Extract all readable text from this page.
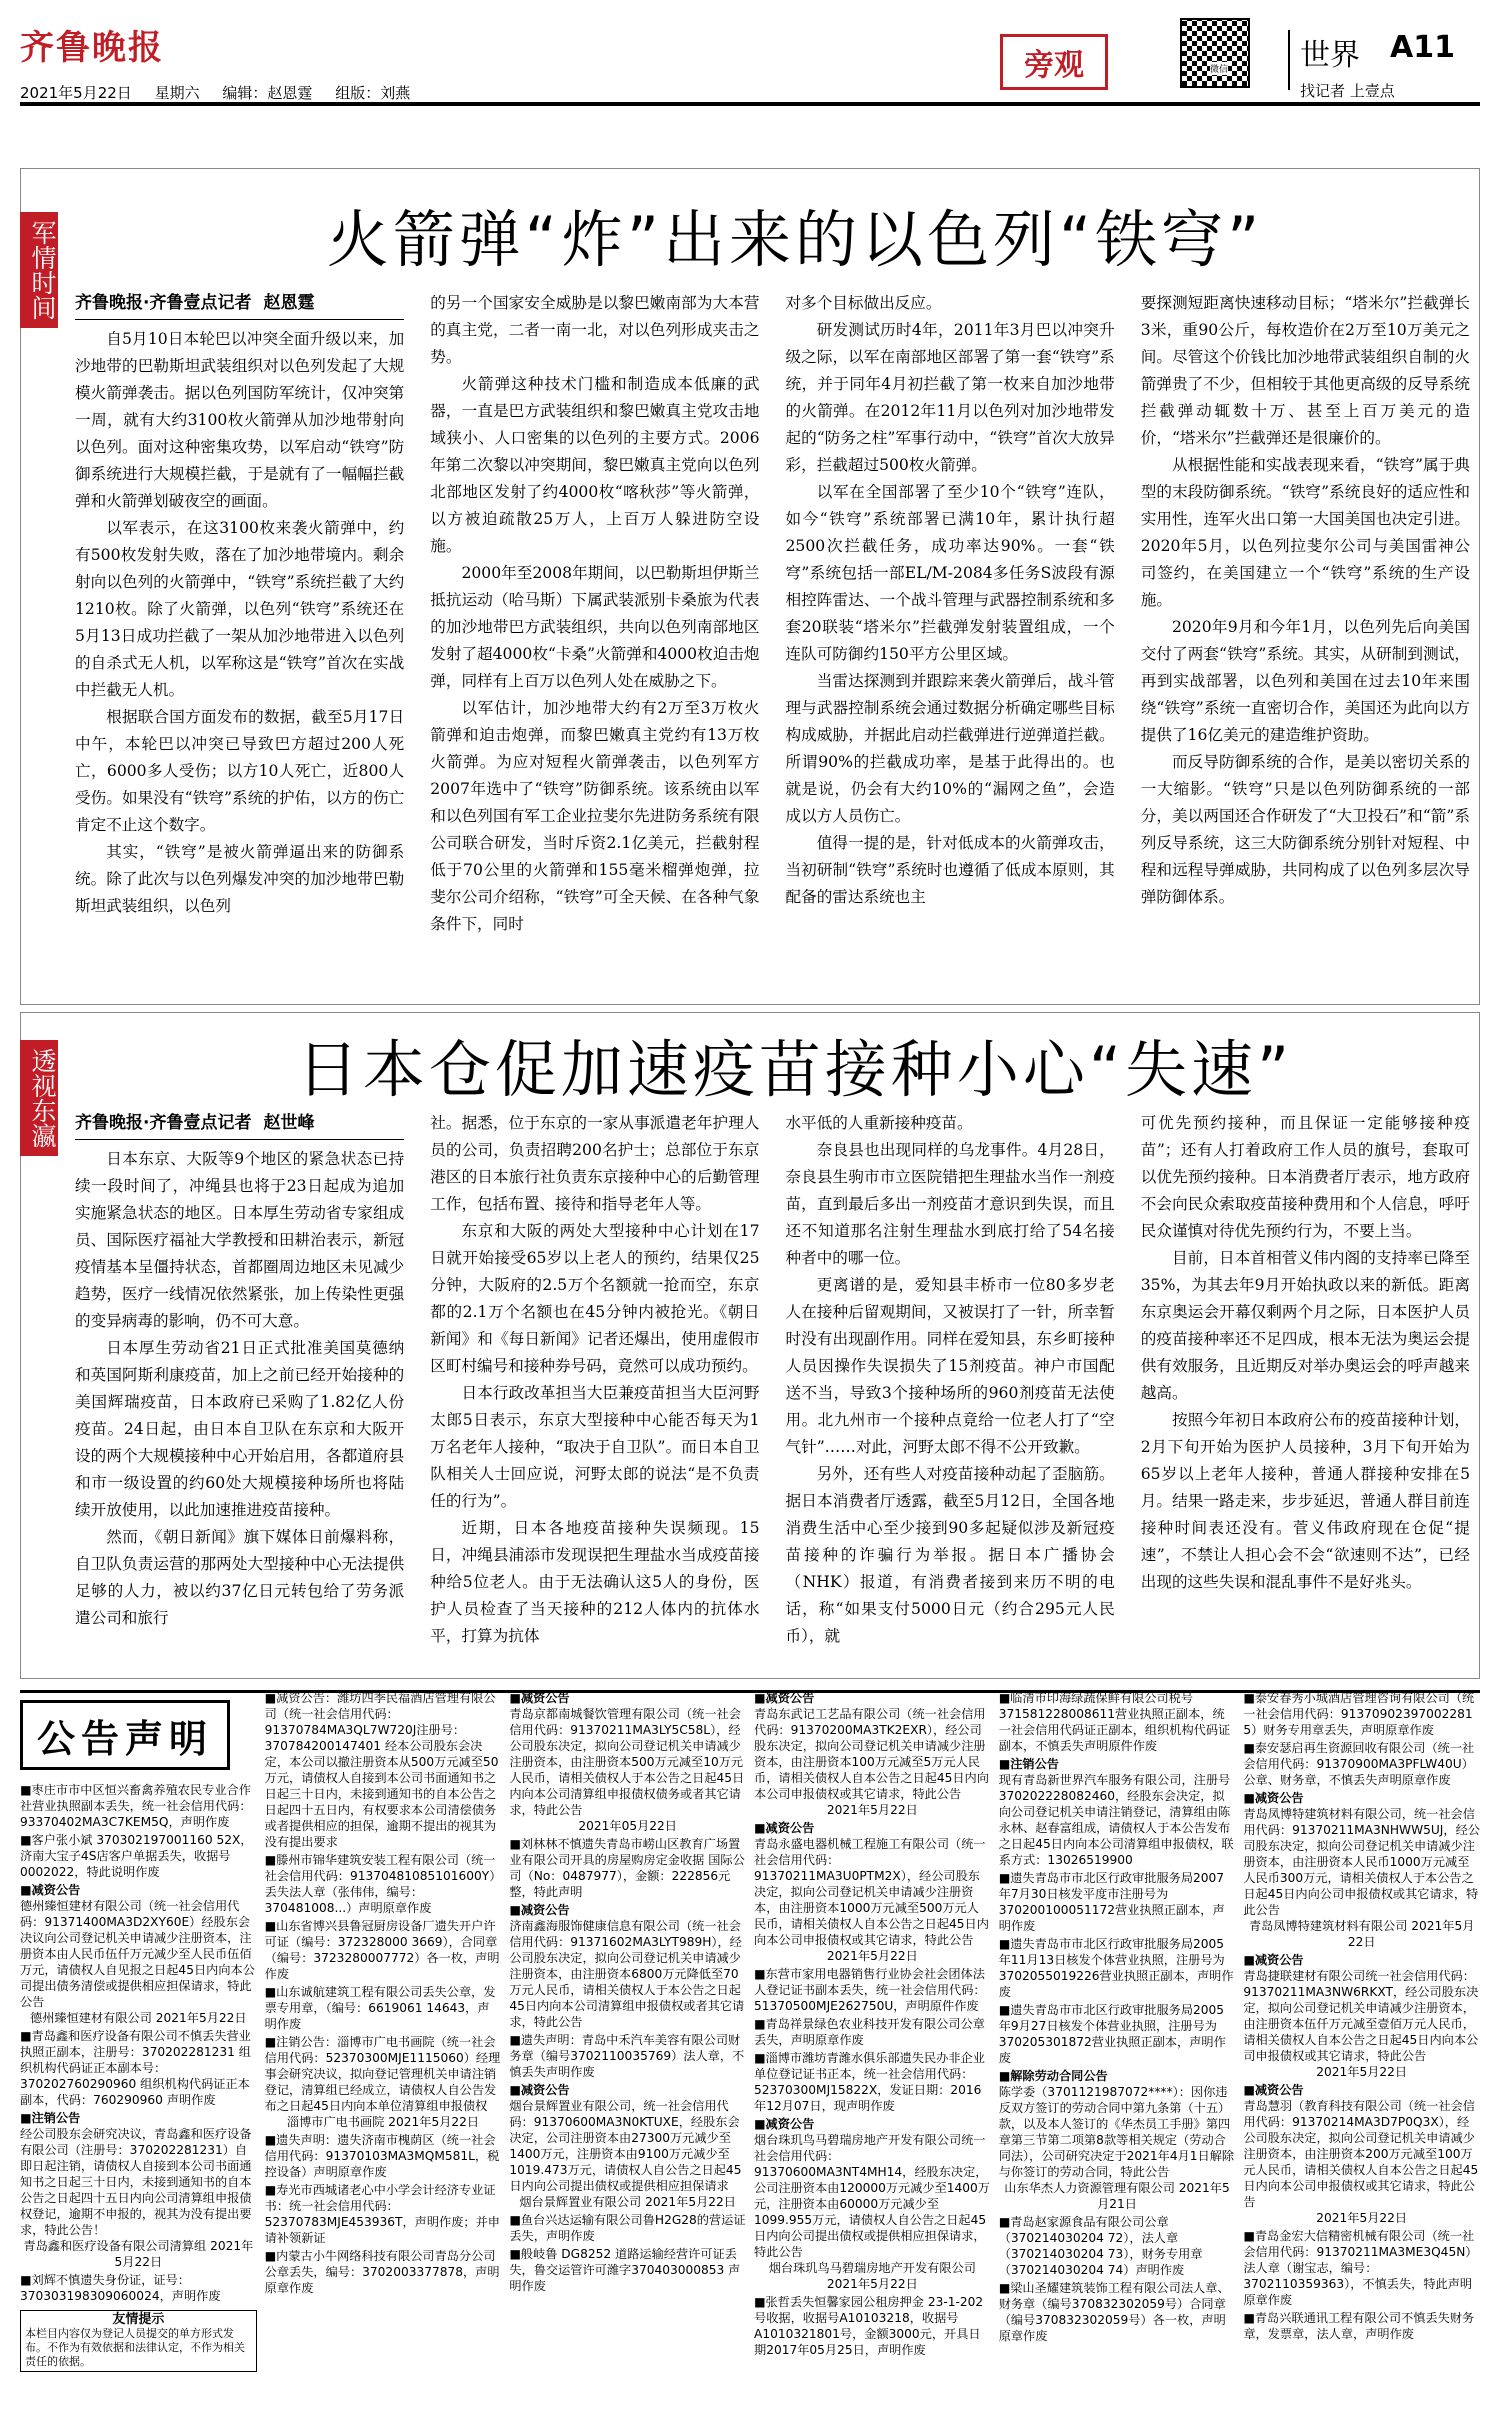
齐鲁晚报
2021年5月22日 星期六 编辑：赵恩霆 组版：刘燕
旁观	微信 世界 A11
找记者 上壹点
军情时间	火箭弹“炸”出来的以色列“铁穹”
齐鲁晚报·齐鲁壹点记者 赵恩霆

自5月10日本轮巴以冲突全面升级以来，加沙地带的巴勒斯坦武装组织对以色列发起了大规模火箭弹袭击。据以色列国防军统计，仅冲突第一周，就有大约3100枚火箭弹从加沙地带射向以色列。面对这种密集攻势，以军启动“铁穹”防御系统进行大规模拦截，于是就有了一幅幅拦截弹和火箭弹划破夜空的画面。

以军表示，在这3100枚来袭火箭弹中，约有500枚发射失败，落在了加沙地带境内。剩余射向以色列的火箭弹中，“铁穹”系统拦截了大约1210枚。除了火箭弹，以色列“铁穹”系统还在5月13日成功拦截了一架从加沙地带进入以色列的自杀式无人机，以军称这是“铁穹”首次在实战中拦截无人机。

根据联合国方面发布的数据，截至5月17日中午，本轮巴以冲突已导致巴方超过200人死亡，6000多人受伤；以方10人死亡，近800人受伤。如果没有“铁穹”系统的护佑，以方的伤亡肯定不止这个数字。

其实，“铁穹”是被火箭弹逼出来的防御系统。除了此次与以色列爆发冲突的加沙地带巴勒斯坦武装组织，以色列

的另一个国家安全威胁是以黎巴嫩南部为大本营的真主党，二者一南一北，对以色列形成夹击之势。

火箭弹这种技术门槛和制造成本低廉的武器，一直是巴方武装组织和黎巴嫩真主党攻击地域狭小、人口密集的以色列的主要方式。2006年第二次黎以冲突期间，黎巴嫩真主党向以色列北部地区发射了约4000枚“喀秋莎”等火箭弹，以方被迫疏散25万人，上百万人躲进防空设施。

2000年至2008年期间，以巴勒斯坦伊斯兰抵抗运动（哈马斯）下属武装派别卡桑旅为代表的加沙地带巴方武装组织，共向以色列南部地区发射了超4000枚“卡桑”火箭弹和4000枚迫击炮弹，同样有上百万以色列人处在威胁之下。

以军估计，加沙地带大约有2万至3万枚火箭弹和迫击炮弹，而黎巴嫩真主党约有13万枚火箭弹。为应对短程火箭弹袭击，以色列军方2007年选中了“铁穹”防御系统。该系统由以军和以色列国有军工企业拉斐尔先进防务系统有限公司联合研发，当时斥资2.1亿美元，拦截射程低于70公里的火箭弹和155毫米榴弹炮弹，拉斐尔公司介绍称，“铁穹”可全天候、在各种气象条件下，同时

对多个目标做出反应。

研发测试历时4年，2011年3月巴以冲突升级之际，以军在南部地区部署了第一套“铁穹”系统，并于同年4月初拦截了第一枚来自加沙地带的火箭弹。在2012年11月以色列对加沙地带发起的“防务之柱”军事行动中，“铁穹”首次大放异彩，拦截超过500枚火箭弹。

以军在全国部署了至少10个“铁穹”连队，如今“铁穹”系统部署已满10年，累计执行超2500次拦截任务，成功率达90%。一套“铁穹”系统包括一部EL/M-2084多任务S波段有源相控阵雷达、一个战斗管理与武器控制系统和多套20联装“塔米尔”拦截弹发射装置组成，一个连队可防御约150平方公里区域。

当雷达探测到并跟踪来袭火箭弹后，战斗管理与武器控制系统会通过数据分析确定哪些目标构成威胁，并据此启动拦截弹进行逆弹道拦截。所谓90%的拦截成功率，是基于此得出的。也就是说，仍会有大约10%的“漏网之鱼”，会造成以方人员伤亡。

值得一提的是，针对低成本的火箭弹攻击，当初研制“铁穹”系统时也遵循了低成本原则，其配备的雷达系统也主

要探测短距离快速移动目标；“塔米尔”拦截弹长3米，重90公斤，每枚造价在2万至10万美元之间。尽管这个价钱比加沙地带武装组织自制的火箭弹贵了不少，但相较于其他更高级的反导系统拦截弹动辄数十万、甚至上百万美元的造价，“塔米尔”拦截弹还是很廉价的。

从根据性能和实战表现来看，“铁穹”属于典型的末段防御系统。“铁穹”系统良好的适应性和实用性，连军火出口第一大国美国也决定引进。2020年5月，以色列拉斐尔公司与美国雷神公司签约，在美国建立一个“铁穹”系统的生产设施。

2020年9月和今年1月，以色列先后向美国交付了两套“铁穹”系统。其实，从研制到测试，再到实战部署，以色列和美国在过去10年来围绕“铁穹”系统一直密切合作，美国还为此向以方提供了16亿美元的建造维护资助。

而反导防御系统的合作，是美以密切关系的一大缩影。“铁穹”只是以色列防御系统的一部分，美以两国还合作研发了“大卫投石”和“箭”系列反导系统，这三大防御系统分别针对短程、中程和远程导弹威胁，共同构成了以色列多层次导弹防御体系。

透视东瀛	日本仓促加速疫苗接种小心“失速”
齐鲁晚报·齐鲁壹点记者 赵世峰

日本东京、大阪等9个地区的紧急状态已持续一段时间了，冲绳县也将于23日起成为追加实施紧急状态的地区。日本厚生劳动省专家组成员、国际医疗福祉大学教授和田耕治表示，新冠疫情基本呈僵持状态，首都圈周边地区未见减少趋势，医疗一线情况依然紧张，加上传染性更强的变异病毒的影响，仍不可大意。

日本厚生劳动省21日正式批准美国莫德纳和英国阿斯利康疫苗，加上之前已经开始接种的美国辉瑞疫苗，日本政府已采购了1.82亿人份疫苗。24日起，由日本自卫队在东京和大阪开设的两个大规模接种中心开始启用，各都道府县和市一级设置的约60处大规模接种场所也将陆续开放使用，以此加速推进疫苗接种。

然而，《朝日新闻》旗下媒体日前爆料称，自卫队负责运营的那两处大型接种中心无法提供足够的人力，被以约37亿日元转包给了劳务派遣公司和旅行

社。据悉，位于东京的一家从事派遣老年护理人员的公司，负责招聘200名护士；总部位于东京港区的日本旅行社负责东京接种中心的后勤管理工作，包括布置、接待和指导老年人等。

东京和大阪的两处大型接种中心计划在17日就开始接受65岁以上老人的预约，结果仅25分钟，大阪府的2.5万个名额就一抢而空，东京都的2.1万个名额也在45分钟内被抢光。《朝日新闻》和《每日新闻》记者还爆出，使用虚假市区町村编号和接种券号码，竟然可以成功预约。

日本行政改革担当大臣兼疫苗担当大臣河野太郎5日表示，东京大型接种中心能否每天为1万名老年人接种，“取决于自卫队”。而日本自卫队相关人士回应说，河野太郎的说法“是不负责任的行为”。

近期，日本各地疫苗接种失误频现。15日，冲绳县浦添市发现误把生理盐水当成疫苗接种给5位老人。由于无法确认这5人的身份，医护人员检查了当天接种的212人体内的抗体水平，打算为抗体

水平低的人重新接种疫苗。

奈良县也出现同样的乌龙事件。4月28日，奈良县生驹市市立医院错把生理盐水当作一剂疫苗，直到最后多出一剂疫苗才意识到失误，而且还不知道那名注射生理盐水到底打给了54名接种者中的哪一位。

更离谱的是，爱知县丰桥市一位80多岁老人在接种后留观期间，又被误打了一针，所幸暂时没有出现副作用。同样在爱知县，东乡町接种人员因操作失误损失了15剂疫苗。神户市国配送不当，导致3个接种场所的960剂疫苗无法使用。北九州市一个接种点竟给一位老人打了“空气针”……对此，河野太郎不得不公开致歉。

另外，还有些人对疫苗接种动起了歪脑筋。据日本消费者厅透露，截至5月12日，全国各地消费生活中心至少接到90多起疑似涉及新冠疫苗接种的诈骗行为举报。据日本广播协会（NHK）报道，有消费者接到来历不明的电话，称“如果支付5000日元（约合295元人民币），就

可优先预约接种，而且保证一定能够接种疫苗”；还有人打着政府工作人员的旗号，套取可以优先预约接种。日本消费者厅表示，地方政府不会向民众索取疫苗接种费用和个人信息，呼吁民众谨慎对待优先预约行为，不要上当。

目前，日本首相菅义伟内阁的支持率已降至35%，为其去年9月开始执政以来的新低。距离东京奥运会开幕仅剩两个月之际，日本医护人员的疫苗接种率还不足四成，根本无法为奥运会提供有效服务，且近期反对举办奥运会的呼声越来越高。

按照今年初日本政府公布的疫苗接种计划，2月下旬开始为医护人员接种，3月下旬开始为65岁以上老年人接种，普通人群接种安排在5月。结果一路走来，步步延迟，普通人群目前连接种时间表还没有。菅义伟政府现在仓促“提速”，不禁让人担心会不会“欲速则不达”，已经出现的这些失误和混乱事件不是好兆头。

■枣庄市市中区恒兴畜禽养殖农民专业合作社营业执照副本丢失，统一社会信用代码：93370402MA3C7KEM5Q，声明作废
■客户张小斌 370302197001160 52X，济南大宝子4S店客户单据丢失，收据号0002022，特此说明作废
■减资公告
德州臻恒建材有限公司（统一社会信用代码：91371400MA3D2XY60E）经股东会决议向公司登记机关申请减少注册资本，注册资本由人民币伍仟万元减少至人民币伍佰万元，请债权人自见报之日起45日内向本公司提出债务清偿或提供相应担保请求，特此公告
德州臻恒建材有限公司 2021年5月22日
■青岛鑫和医疗设备有限公司不慎丢失营业执照正副本，注册号：370202281231 组织机构代码证正本副本号：370202760290960 组织机构代码证正本副本，代码：760290960 声明作废
■注销公告
经公司股东会研究决议，青岛鑫和医疗设备有限公司（注册号：370202281231）自即日起注销，请债权人自接到本公司书面通知书之日起三十日内，未接到通知书的自本公告之日起四十五日内向公司清算组申报债权登记，逾期不申报的，视其为没有提出要求，特此公告！
青岛鑫和医疗设备有限公司清算组 2021年5月22日
■刘辉不慎遗失身份证，证号：370303198309060024，声明作废
友情提示
本栏目内容仅为登记人员提交的单方形式发布。不作为有效依据和法律认定，不作为相关责任的依据。
■减资公告：潍坊四季民福酒店管理有限公司（统一社会信用代码：91370784MA3QL7W720J注册号：370784200147401 经本公司股东会决定，本公司以撤注册资本从500万元减至50万元，请债权人自接到本公司书面通知书之日起三十日内，未接到通知书的自本公告之日起四十五日内，有权要求本公司清偿债务或者提供相应的担保，逾期不提出的视其为没有提出要求
■滕州市锦华建筑安装工程有限公司（统一社会信用代码：91370481085101600Y）丢失法人章（张伟伟，编号：370481008...）声明原章作废
■山东省博兴县鲁冠厨房设备厂遗失开户许可证（编号：372328000 3669），合同章（编号：3723280007772）各一枚，声明作废
■山东诚航建筑工程有限公司丢失公章，发票专用章，（编号：6619061 14643，声明作废
■注销公告：淄博市广电书画院（统一社会信用代码：52370300MJE1115060）经理事会研究决议，拟向登记管理机关申请注销登记，清算组已经成立，请债权人自公告发布之日起45日内向本单位清算组申报债权
淄博市广电书画院 2021年5月22日
■遗失声明：遗失济南市槐荫区（统一社会信用代码：91370103MA3MQM581L，税控设备）声明原章作废
■寿光市西城诸老心中小学会计经济专业证书：统一社会信用代码：52370783MJE453936T，声明作废；并申请补领新证
■内蒙古小牛网络科技有限公司青岛分公司公章丢失，编号：3702003377878，声明原章作废
■减资公告
青岛京都南城餐饮管理有限公司（统一社会信用代码：91370211MA3LY5C58L），经公司股东决定，拟向公司登记机关申请减少注册资本，由注册资本500万元减至10万元人民币，请相关债权人于本公告之日起45日内向本公司清算组申报债权债务或者其它请求，特此公告
2021年05月22日
■刘林林不慎遗失青岛市崂山区教育广场置业有限公司开具的房屋购房定金收据 国际公司（No：0487977），金额：222856元整，特此声明
■减资公告
济南鑫海服饰健康信息有限公司（统一社会信用代码：91371602MA3LYT989H），经公司股东决定，拟向公司登记机关申请减少注册资本，由注册资本6800万元降低至70万元人民币，请相关债权人于本公告之日起45日内向本公司清算组申报债权或者其它请求，特此公告
■遗失声明：青岛中禾汽车美容有限公司财务章（编号3702110035769）法人章，不慎丢失声明作废
■减资公告
烟台景辉置业有限公司，统一社会信用代码：91370600MA3N0KTUXE，经股东会决定，公司注册资本由27300万元减少至1400万元，注册资本由9100万元减少至1019.473万元，请债权人自公告之日起45日内向公司提出债权或提供相应担保请求
烟台景辉置业有限公司 2021年5月22日
■鱼台兴达运输有限公司鲁H2G28的营运证丢失，声明作废
■般岐鲁 DG8252 道路运输经营许可证丢失，鲁交运管许可潍字370403000853 声明作废
■减资公告
青岛东武记工艺品有限公司（统一社会信用代码：91370200MA3TK2EXR），经公司股东决定，拟向公司登记机关申请减少注册资本，由注册资本100万元减至5万元人民币，请相关债权人自本公告之日起45日内向本公司申报债权或其它请求，特此公告
2021年5月22日
■减资公告
青岛永盛电器机械工程施工有限公司（统一社会信用代码：91370211MA3U0PTM2X），经公司股东决定，拟向公司登记机关申请减少注册资本，由注册资本1000万元减至500万元人民币，请相关债权人自本公告之日起45日内向本公司申报债权或其它请求，特此公告
2021年5月22日
■东营市家用电器销售行业协会社会团体法人登记证书副本丢失，统一社会信用代码：51370500MJE262750U，声明原件作废
■青岛祥景绿色农业科技开发有限公司公章丢失，声明原章作废
■淄博市潍坊青潍水俱乐部遗失民办非企业单位登记证书正本，统一社会信用代码：52370300MJ15822X，发证日期：2016年12月07日，现声明作废
■减资公告
烟台珠玑鸟马碧瑞房地产开发有限公司统一社会信用代码：91370600MA3NT4MH14，经股东决定，公司注册资本由120000万元减少至1400万元，注册资本由60000万元减少至1099.955万元，请债权人自公告之日起45日内向公司提出债权或提供相应担保请求，特此公告
烟台珠玑鸟马碧瑞房地产开发有限公司 2021年5月22日
■张哲丢失恒馨家园公租房押金 23-1-202号收据，收据号A10103218，收据号A1010321801号，金额3000元，开具日期2017年05月25日，声明作废
■临清市印海绿蔬保鲜有限公司税号371581228008611营业执照正副本，统一社会信用代码证正副本，组织机构代码证副本，不慎丢失声明原件作废
■注销公告
现有青岛新世界汽车服务有限公司，注册号370202228082460，经股东会决定，拟向公司登记机关申请注销登记，清算组由陈永林、赵春富组成，请债权人于本公告发布之日起45日内向本公司清算组申报债权，联系方式：13026519900
■遗失青岛市市北区行政审批服务局2007年7月30日核发平度市注册号为370200100051172营业执照正副本，声明作废
■遗失青岛市市北区行政审批服务局2005年11月13日核发个体营业执照，注册号为3702055019226营业执照正副本，声明作废
■遗失青岛市市北区行政审批服务局2005年9月27日核发个体营业执照，注册号为370205301872营业执照正副本，声明作废
■解除劳动合同公告
陈学委（3701121987072****）：因你违反双方签订的劳动合同中第九条第（十五）款，以及本人签订的《华杰员工手册》第四章第三节第二项第8款等相关规定（劳动合同法），公司研究决定于2021年4月1日解除与你签订的劳动合同，特此公告
山东华杰人力资源管理有限公司 2021年5月21日
■青岛赵家源食品有限公司公章（370214030204 72），法人章（370214030204 73），财务专用章（370214030204 74）声明作废
■梁山圣耀建筑装饰工程有限公司法人章、财务章（编号370832302059号）合同章（编号370832302059号）各一枚，声明原章作废
■泰安春秀小城酒店管理咨询有限公司（统一社会信用代码：91370902397002281 5）财务专用章丢失，声明原章作废
■泰安瑟启再生资源回收有限公司（统一社会信用代码：91370900MA3PFLW40U）公章、财务章，不慎丢失声明原章作废
■减资公告
青岛凤博特建筑材料有限公司，统一社会信用代码：91370211MA3NHWW5UJ，经公司股东决定，拟向公司登记机关申请减少注册资本，由注册资本人民币1000万元减至人民币300万元，请相关债权人于本公告之日起45日内向公司申报债权或其它请求，特此公告
青岛凤博特建筑材料有限公司 2021年5月22日
■减资公告
青岛捷联建材有限公司统一社会信用代码：91370211MA3NW6RKXT，经公司股东决定，拟向公司登记机关申请减少注册资本，由注册资本伍仟万元减至壹佰万元人民币，请相关债权人自本公告之日起45日内向本公司申报债权或其它请求，特此公告
2021年5月22日
■减资公告
青岛慧羽（教育科技有限公司（统一社会信用代码：91370214MA3D7P0Q3X），经公司股东决定，拟向公司登记机关申请减少注册资本，由注册资本200万元减至100万元人民币，请相关债权人自本公告之日起45日内向本公司申报债权或其它请求，特此公告
2021年5月22日
■青岛金宏大信精密机械有限公司（统一社会信用代码：91370211MA3ME3Q45N）法人章（谢宝志，编号：3702110359363），不慎丢失，特此声明原章作废
■青岛兴联通讯工程有限公司不慎丢失财务章，发票章，法人章，声明作废
公告声明
